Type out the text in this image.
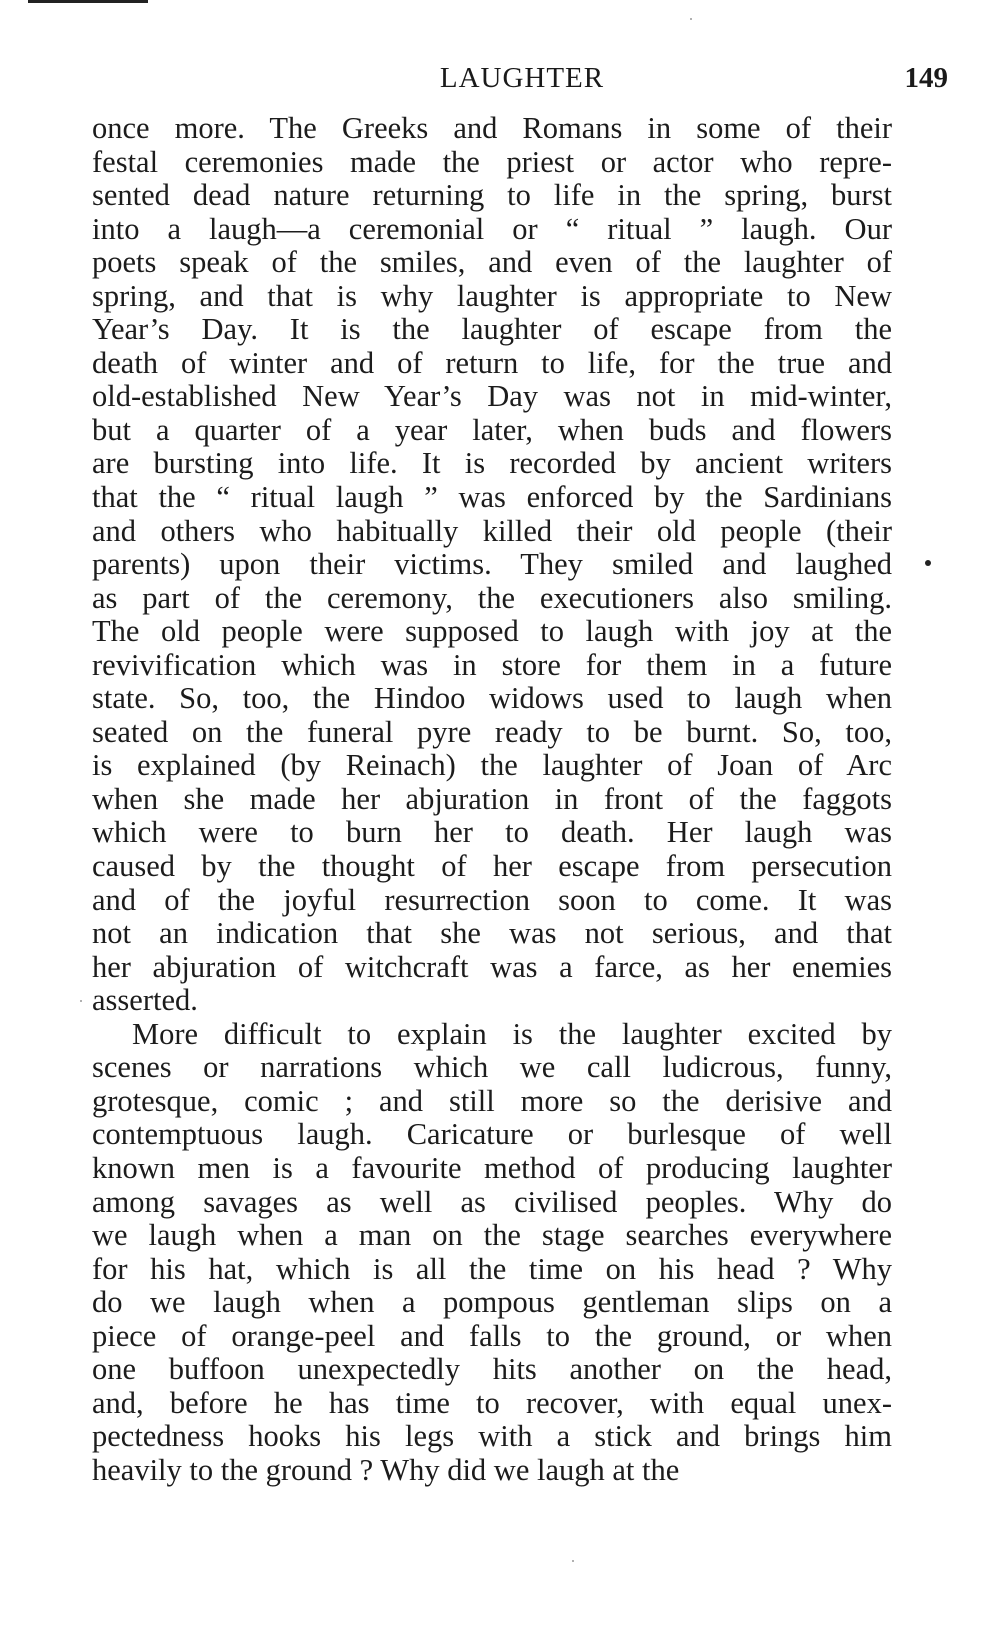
LAUGHTER	149
once more. The Greeks and Romans in some of their
festal ceremonies made the priest or actor who repre-
sented dead nature returning to life in the spring, burst
into a laugh—a ceremonial or “ ritual ” laugh. Our
poets speak of the smiles, and even of the laughter of
spring, and that is why laughter is appropriate to New
Year’s Day. It is the laughter of escape from the
death of winter and of return to life, for the true and
old-established New Year’s Day was not in mid-winter,
but a quarter of a year later, when buds and flowers
are bursting into life. It is recorded by ancient writers
that the “ ritual laugh ” was enforced by the Sardinians
and others who habitually killed their old people (their
parents) upon their victims. They smiled and laughed
as part of the ceremony, the executioners also smiling.
The old people were supposed to laugh with joy at the
revivification which was in store for them in a future
state. So, too, the Hindoo widows used to laugh when
seated on the funeral pyre ready to be burnt. So, too,
is explained (by Reinach) the laughter of Joan of Arc
when she made her abjuration in front of the faggots
which were to burn her to death. Her laugh was
caused by the thought of her escape from persecution
and of the joyful resurrection soon to come. It was
not an indication that she was not serious, and that
her abjuration of witchcraft was a farce, as her enemies
asserted.
More difficult to explain is the laughter excited by
scenes or narrations which we call ludicrous, funny,
grotesque, comic ; and still more so the derisive and
contemptuous laugh. Caricature or burlesque of well
known men is a favourite method of producing laughter
among savages as well as civilised peoples. Why do
we laugh when a man on the stage searches everywhere
for his hat, which is all the time on his head ? Why
do we laugh when a pompous gentleman slips on a
piece of orange-peel and falls to the ground, or when
one buffoon unexpectedly hits another on the head,
and, before he has time to recover, with equal unex-
pectedness hooks his legs with a stick and brings him
heavily to the ground ? Why did we laugh at the
